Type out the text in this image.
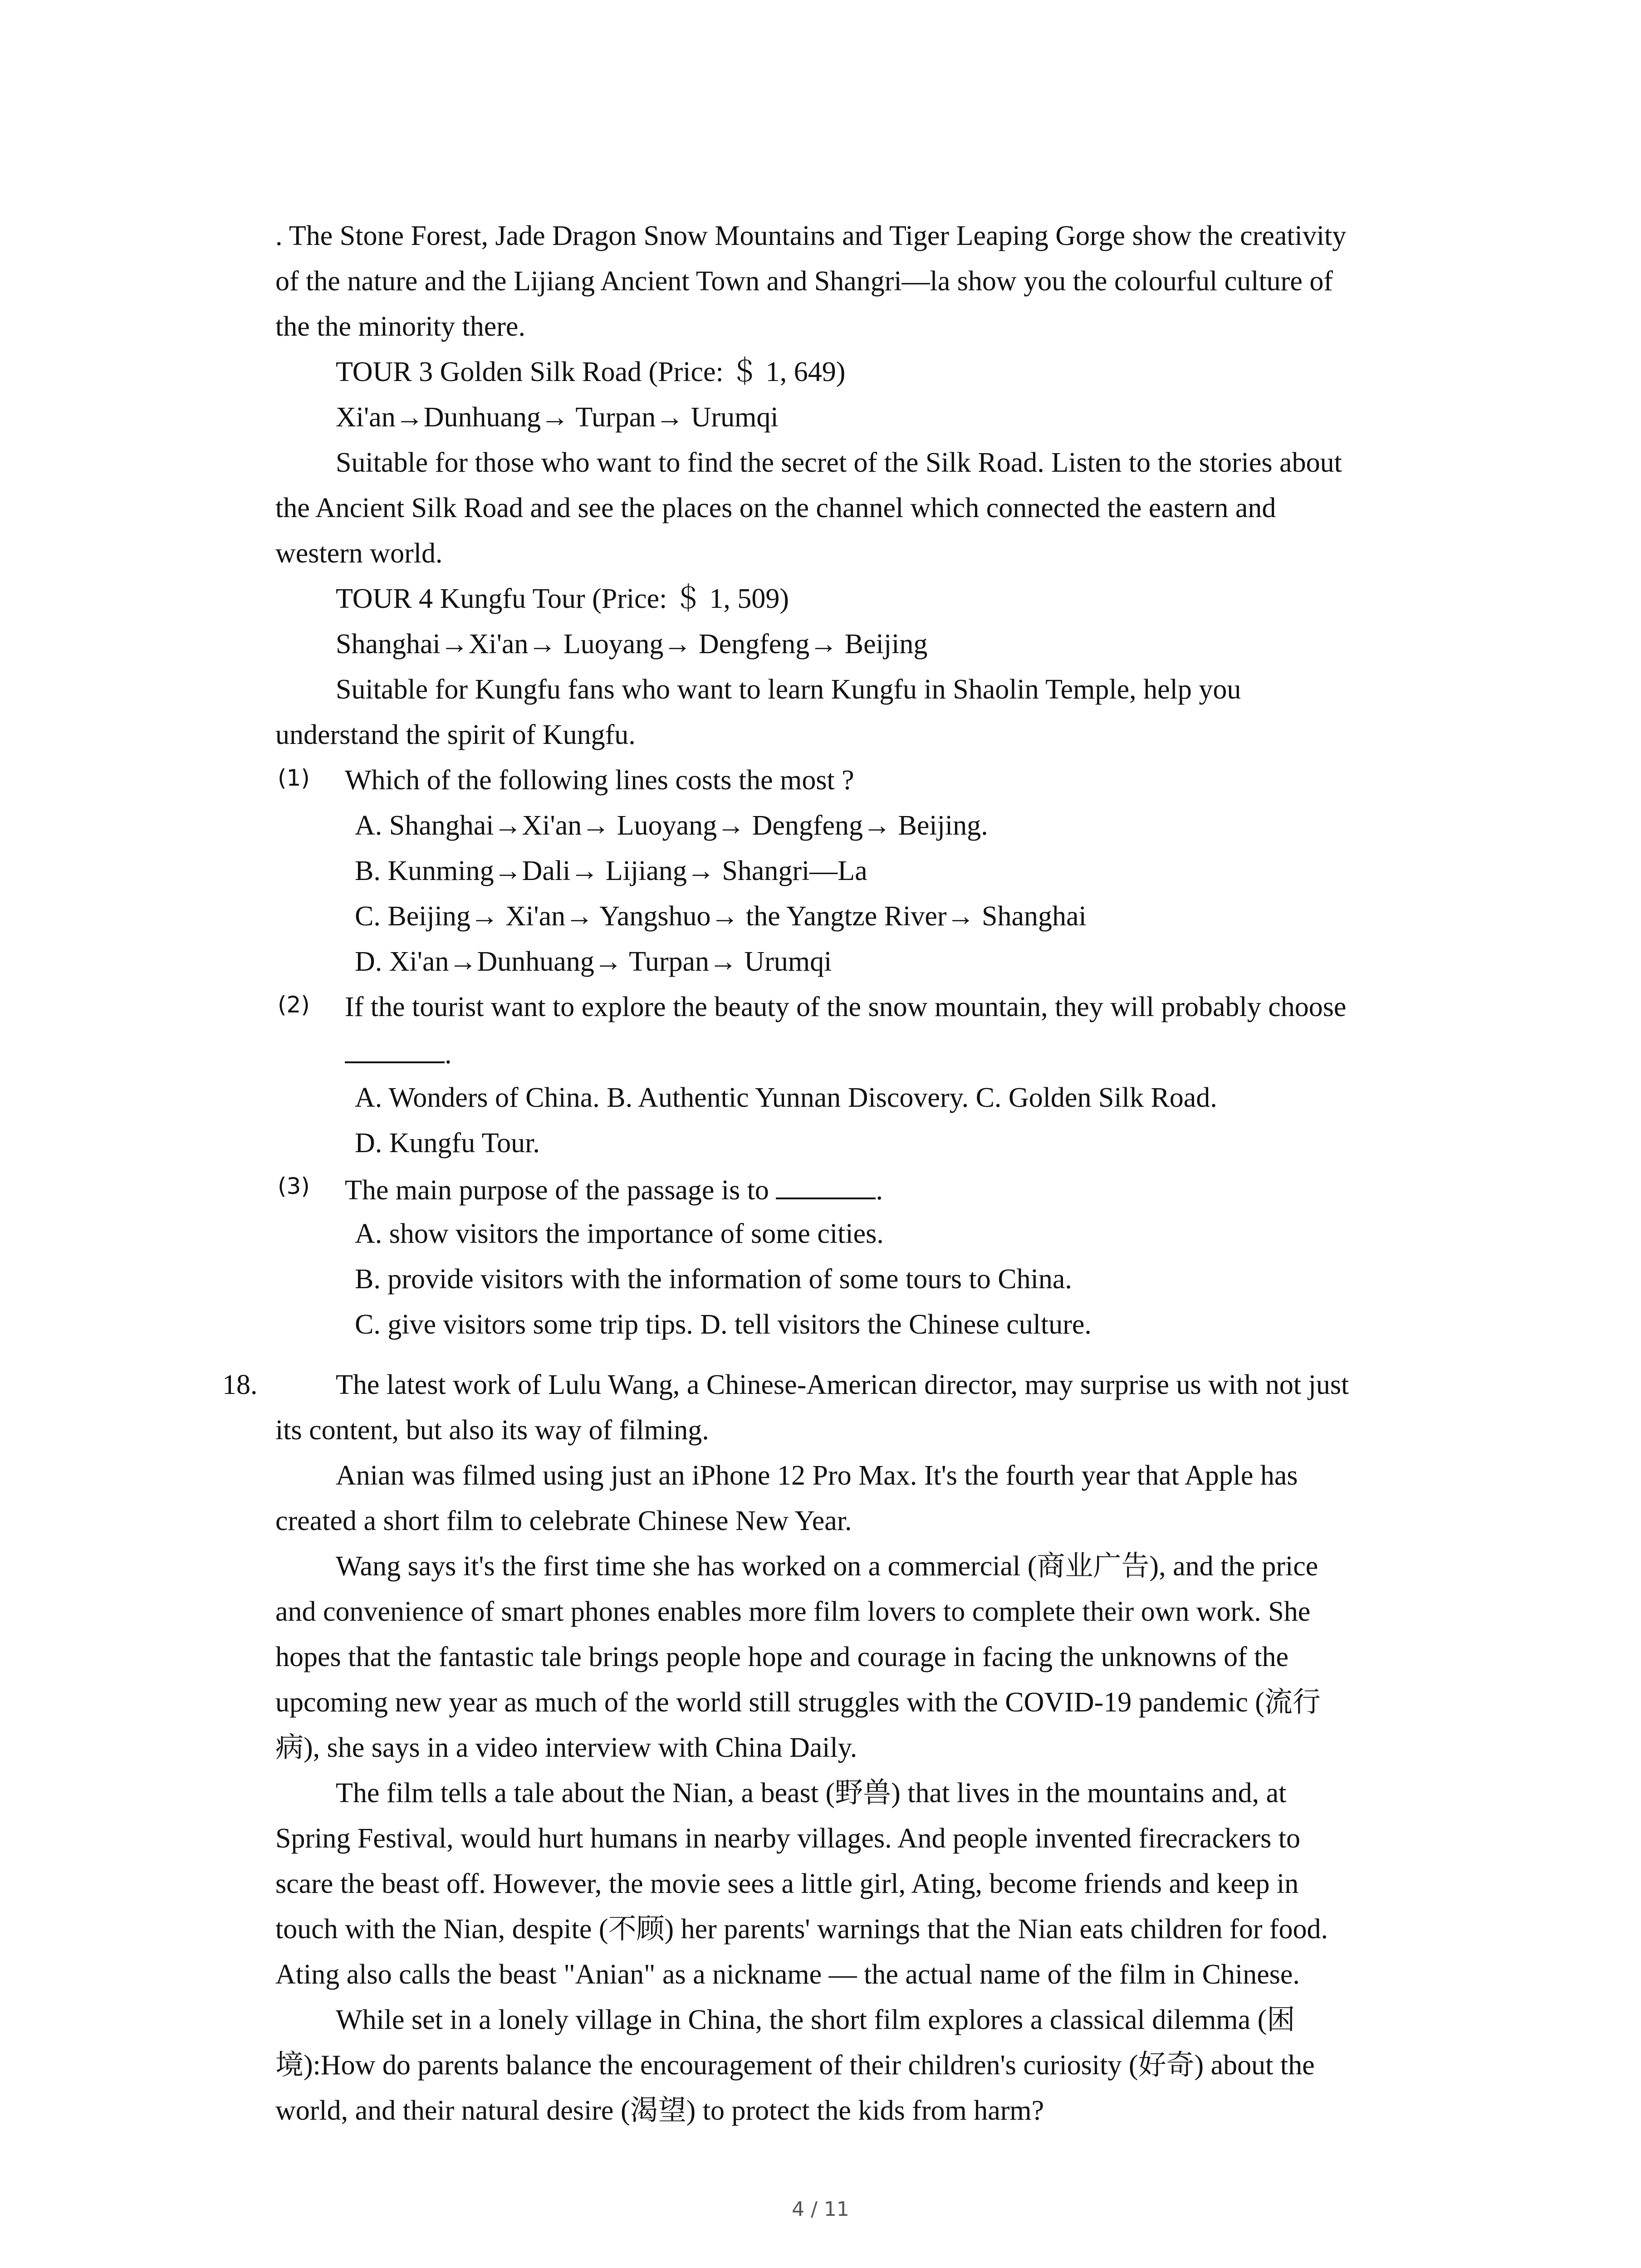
. The Stone Forest, Jade Dragon Snow Mountains and Tiger Leaping Gorge show the creativity
of the nature and the Lijiang Ancient Town and Shangri—la show you the colourful culture of
the the minority there.
TOUR 3 Golden Silk Road (Price: ＄ 1, 649)
Xi'an→Dunhuang→ Turpan→ Urumqi
Suitable for those who want to find the secret of the Silk Road. Listen to the stories about
the Ancient Silk Road and see the places on the channel which connected the eastern and
western world.
TOUR 4 Kungfu Tour (Price: ＄ 1, 509)
Shanghai→Xi'an→ Luoyang→ Dengfeng→ Beijing
Suitable for Kungfu fans who want to learn Kungfu in Shaolin Temple, help you
understand the spirit of Kungfu.
(1) Which of the following lines costs the most ?
A. Shanghai→Xi'an→ Luoyang→ Dengfeng→ Beijing.
B. Kunming→Dali→ Lijiang→ Shangri—La
C. Beijing→ Xi'an→ Yangshuo→ the Yangtze River→ Shanghai
D. Xi'an→Dunhuang→ Turpan→ Urumqi
(2) If the tourist want to explore the beauty of the snow mountain, they will probably choose
.
A. Wonders of China. B. Authentic Yunnan Discovery. C. Golden Silk Road.
D. Kungfu Tour.
(3) The main purpose of the passage is to	.
A. show visitors the importance of some cities.
B. provide visitors with the information of some tours to China.
C. give visitors some trip tips. D. tell visitors the Chinese culture.
18.	The latest work of Lulu Wang, a Chinese-American director, may surprise us with not just
its content, but also its way of filming.
Anian was filmed using just an iPhone 12 Pro Max. It's the fourth year that Apple has
created a short film to celebrate Chinese New Year.
Wang says it's the first time she has worked on a commercial (商业广告), and the price
and convenience of smart phones enables more film lovers to complete their own work. She
hopes that the fantastic tale brings people hope and courage in facing the unknowns of the
upcoming new year as much of the world still struggles with the COVID-19 pandemic (流行
病), she says in a video interview with China Daily.
The film tells a tale about the Nian, a beast (野兽) that lives in the mountains and, at
Spring Festival, would hurt humans in nearby villages. And people invented firecrackers to
scare the beast off. However, the movie sees a little girl, Ating, become friends and keep in
touch with the Nian, despite (不顾) her parents' warnings that the Nian eats children for food.
Ating also calls the beast "Anian" as a nickname — the actual name of the film in Chinese.
While set in a lonely village in China, the short film explores a classical dilemma (困
境):How do parents balance the encouragement of their children's curiosity (好奇) about the
world, and their natural desire (渴望) to protect the kids from harm?
4 / 11
